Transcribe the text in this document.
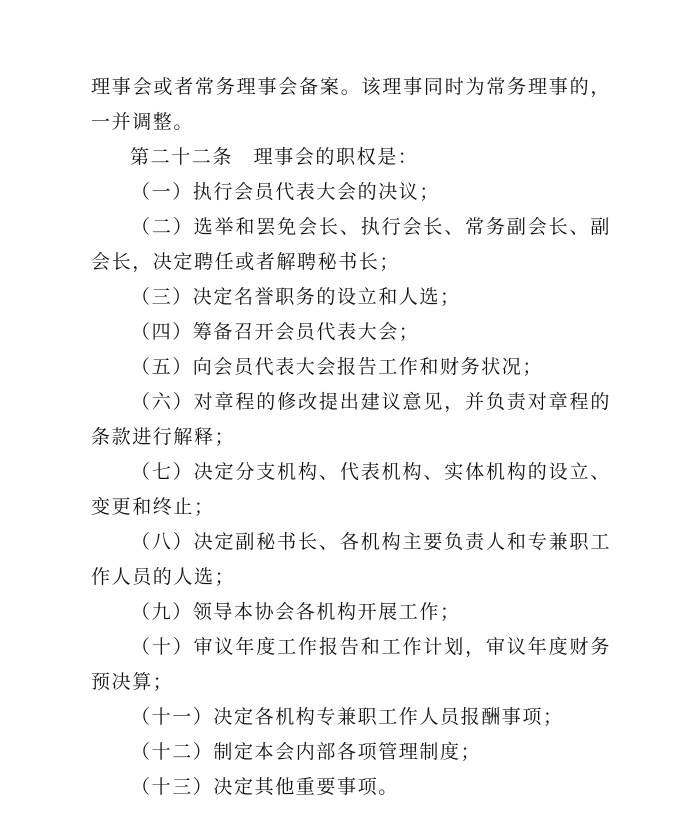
理事会或者常务理事会备案。该理事同时为常务理事的，一并调整。

第二十二条　理事会的职权是：

（一）执行会员代表大会的决议；

（二）选举和罢免会长、执行会长、常务副会长、副会长，决定聘任或者解聘秘书长；

（三）决定名誉职务的设立和人选；

（四）筹备召开会员代表大会；

（五）向会员代表大会报告工作和财务状况；

（六）对章程的修改提出建议意见，并负责对章程的条款进行解释；

（七）决定分支机构、代表机构、实体机构的设立、变更和终止；

（八）决定副秘书长、各机构主要负责人和专兼职工作人员的人选；

（九）领导本协会各机构开展工作；

（十）审议年度工作报告和工作计划，审议年度财务预决算；

（十一）决定各机构专兼职工作人员报酬事项；

（十二）制定本会内部各项管理制度；

（十三）决定其他重要事项。
